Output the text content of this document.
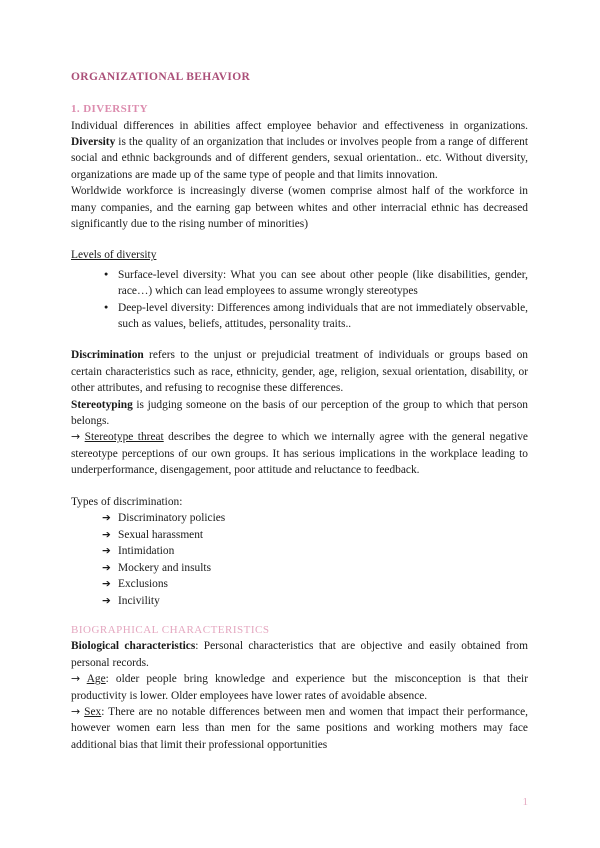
ORGANIZATIONAL BEHAVIOR
1. DIVERSITY

Individual differences in abilities affect employee behavior and effectiveness in organizations. Diversity is the quality of an organization that includes or involves people from a range of different social and ethnic backgrounds and of different genders, sexual orientation.. etc. Without diversity, organizations are made up of the same type of people and that limits innovation.

Worldwide workforce is increasingly diverse (women comprise almost half of the workforce in many companies, and the earning gap between whites and other interracial ethnic has decreased significantly due to the rising number of minorities)

Levels of diversity

● Surface-level diversity: What you can see about other people (like disabilities, gender, race…) which can lead employees to assume wrongly stereotypes
● Deep-level diversity: Differences among individuals that are not immediately observable, such as values, beliefs, attitudes, personality traits..

Discrimination refers to the unjust or prejudicial treatment of individuals or groups based on certain characteristics such as race, ethnicity, gender, age, religion, sexual orientation, disability, or other attributes, and refusing to recognise these differences.

Stereotyping is judging someone on the basis of our perception of the group to which that person belongs.

→ Stereotype threat describes the degree to which we internally agree with the general negative stereotype perceptions of our own groups. It has serious implications in the workplace leading to underperformance, disengagement, poor attitude and reluctance to feedback.

Types of discrimination:

➔ Discriminatory policies
➔ Sexual harassment
➔ Intimidation
➔ Mockery and insults
➔ Exclusions
➔ Incivility
BIOGRAPHICAL CHARACTERISTICS

Biological characteristics: Personal characteristics that are objective and easily obtained from personal records.

→ Age: older people bring knowledge and experience but the misconception is that their productivity is lower. Older employees have lower rates of avoidable absence.

→ Sex: There are no notable differences between men and women that impact their performance, however women earn less than men for the same positions and working mothers may face additional bias that limit their professional opportunities

1
